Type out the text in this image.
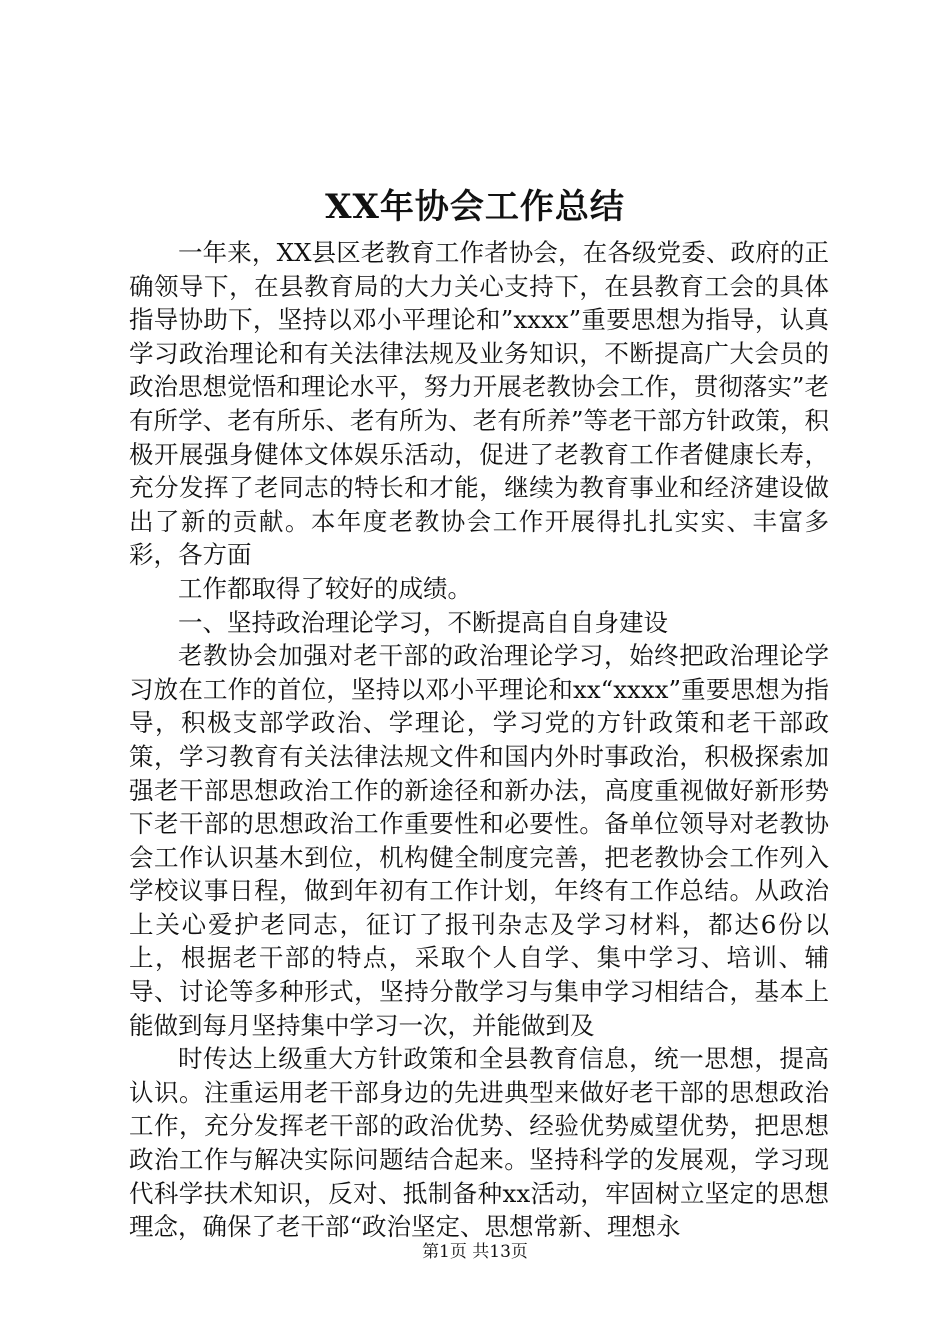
XX年协会工作总结

一年来，XX县区老教育工作者协会，在各级党委、政府的正确领导下，在县教育局的大力关心支持下，在县教育工会的具体指导协助下，坚持以邓小平理论和”xxxx”重要思想为指导，认真学习政治理论和有关法律法规及业务知识，不断提高广大会员的政治思想觉悟和理论水平，努力开展老教协会工作，贯彻落实”老有所学、老有所乐、老有所为、老有所养”等老干部方针政策，积极开展强身健体文体娱乐活动，促进了老教育工作者健康长寿，充分发挥了老同志的特长和才能，继续为教育事业和经济建设做出了新的贡献。本年度老教协会工作开展得扎扎实实、丰富多彩，各方面

工作都取得了较好的成绩。

一、坚持政治理论学习，不断提高自自身建设

老教协会加强对老干部的政治理论学习，始终把政治理论学习放在工作的首位，坚持以邓小平理论和xx“xxxx”重要思想为指导，积极支部学政治、学理论，学习党的方针政策和老干部政策，学习教育有关法律法规文件和国内外时事政治，积极探索加强老干部思想政治工作的新途径和新办法，高度重视做好新形势下老干部的思想政治工作重要性和必要性。备单位领导对老教协会工作认识基木到位，机构健全制度完善，把老教协会工作列入学校议事日程，做到年初有工作计划，年终有工作总结。从政治上关心爱护老同志，征订了报刊杂志及学习材料，都达6份以上，根据老干部的特点，采取个人自学、集中学习、培训、辅导、讨论等多种形式，坚持分散学习与集申学习相结合，基本上能做到每月坚持集中学习一次，并能做到及

时传达上级重大方针政策和全县教育信息，统一思想，提高认识。注重运用老干部身边的先进典型来做好老干部的思想政治工作，充分发挥老干部的政治优势、经验优势威望优势，把思想政治工作与解决实际问题结合起来。坚持科学的发展观，学习现代科学扶术知识，反对、抵制备种xx活动，牢固树立坚定的思想理念，确保了老干部“政治坚定、思想常新、理想永

第1页 共13页
